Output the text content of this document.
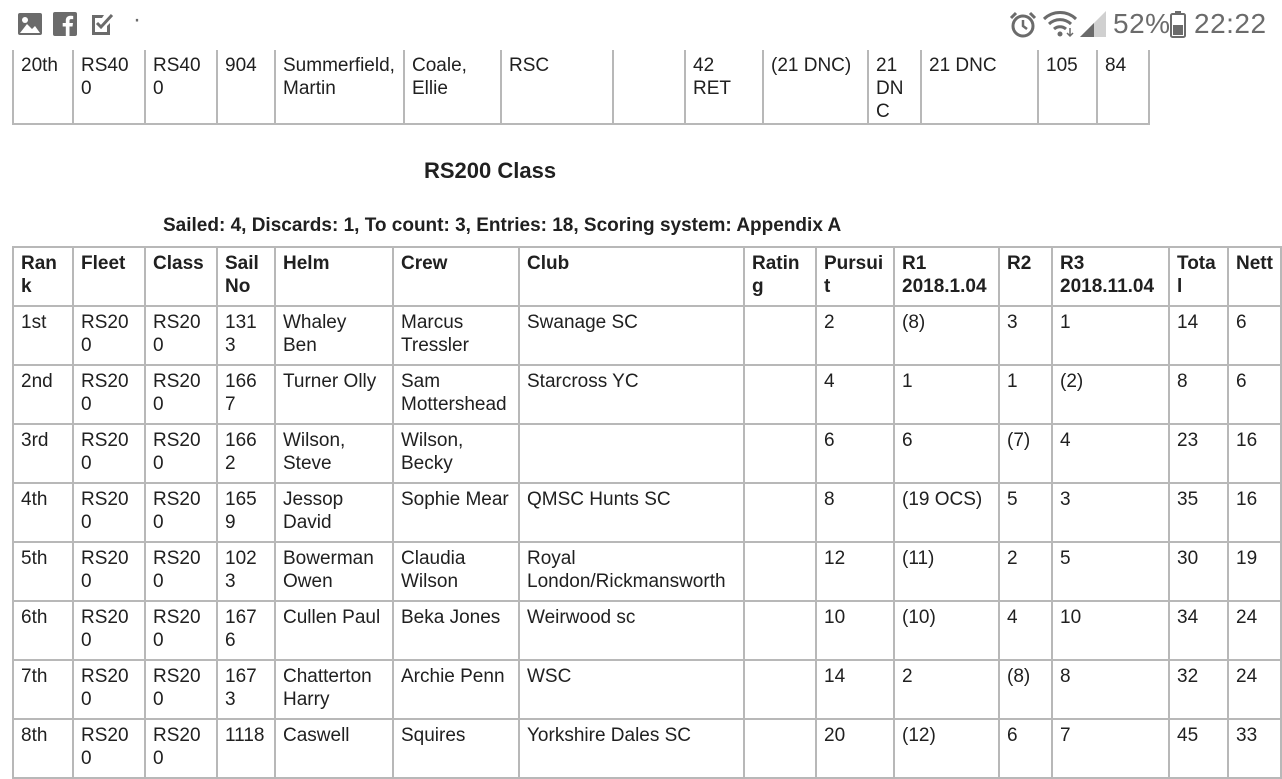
·	52% 22:22
20th	RS400	RS400	904	Summerfield, Martin	Coale, Ellie	RSC		42 RET	(21 DNC)	21 DNC	21 DNC	105	84
RS200 Class
Sailed: 4, Discards: 1, To count: 3, Entries: 18, Scoring system: Appendix A
Rank	Fleet	Class	Sail No	Helm	Crew	Club	Rating	Pursuit	R1 2018.1.04	R2	R3 2018.11.04	Total	Nett
1st	RS200	RS200	1313	Whaley Ben	Marcus Tressler	Swanage SC		2	(8)	3	1	14	6
2nd	RS200	RS200	1667	Turner Olly	Sam Mottershead	Starcross YC		4	1	1	(2)	8	6
3rd	RS200	RS200	1662	Wilson, Steve	Wilson, Becky			6	6	(7)	4	23	16
4th	RS200	RS200	1659	Jessop David	Sophie Mear	QMSC Hunts SC		8	(19 OCS)	5	3	35	16
5th	RS200	RS200	1023	Bowerman Owen	Claudia Wilson	Royal London/Rickmansworth		12	(11)	2	5	30	19
6th	RS200	RS200	1676	Cullen Paul	Beka Jones	Weirwood sc		10	(10)	4	10	34	24
7th	RS200	RS200	1673	Chatterton Harry	Archie Penn	WSC		14	2	(8)	8	32	24
8th	RS200	RS200	1118	Caswell	Squires	Yorkshire Dales SC		20	(12)	6	7	45	33
